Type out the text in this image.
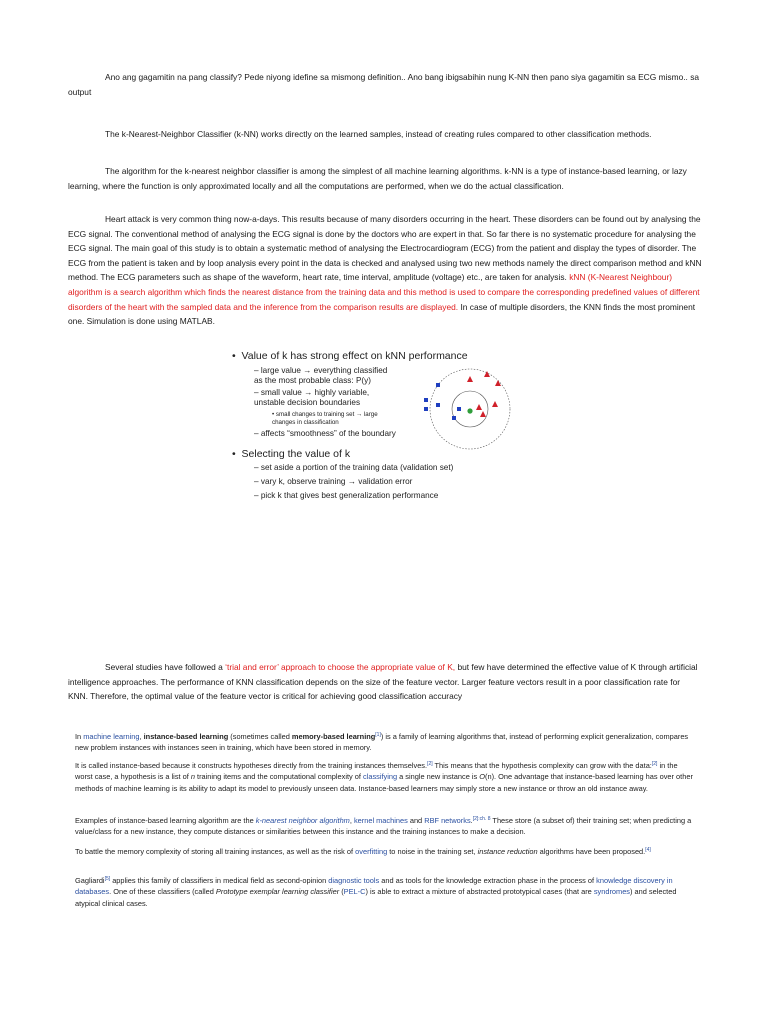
Ano ang gagamitin na pang classify? Pede niyong idefine sa mismong definition.. Ano bang ibigsabihin nung K-NN then pano siya gagamitin sa ECG mismo.. sa output

The k-Nearest-Neighbor Classifier (k-NN) works directly on the learned samples, instead of creating rules compared to other classification methods.

The algorithm for the k-nearest neighbor classifier is among the simplest of all machine learning algorithms. k-NN is a type of instance-based learning, or lazy learning, where the function is only approximated locally and all the computations are performed, when we do the actual classification.

Heart attack is very common thing now-a-days. This results because of many disorders occurring in the heart. These disorders can be found out by analysing the ECG signal. The conventional method of analysing the ECG signal is done by the doctors who are expert in that. So far there is no systematic procedure for analysing the ECG signal. The main goal of this study is to obtain a systematic method of analysing the Electrocardiogram (ECG) from the patient and display the types of disorder. The ECG from the patient is taken and by loop analysis every point in the data is checked and analysed using two new methods namely the direct comparison method and kNN method. The ECG parameters such as shape of the waveform, heart rate, time interval, amplitude (voltage) etc., are taken for analysis. kNN (K-Nearest Neighbour) algorithm is a search algorithm which finds the nearest distance from the training data and this method is used to compare the corresponding predefined values of different disorders of the heart with the sampled data and the inference from the comparison results are displayed. In case of multiple disorders, the KNN finds the most prominent one. Simulation is done using MATLAB.

•  Value of k has strong effect on kNN performance
– large value → everything classified as the most probable class: P(y)
– small value → highly variable, unstable decision boundaries
• small changes to training set → large changes in classification
– affects “smoothness” of the boundary
•  Selecting the value of k
– set aside a portion of the training data (validation set)
– vary k, observe training → validation error
– pick k that gives best generalization performance

Several studies have followed a ‘trial and error’ approach to choose the appropriate value of K, but few have determined the effective value of K through artificial intelligence approaches. The performance of KNN classification depends on the size of the feature vector. Larger feature vectors result in a poor classification rate for KNN. Therefore, the optimal value of the feature vector is critical for achieving good classification accuracy

In machine learning, instance-based learning (sometimes called memory-based learning[1]) is a family of learning algorithms that, instead of performing explicit generalization, compares new problem instances with instances seen in training, which have been stored in memory.

It is called instance-based because it constructs hypotheses directly from the training instances themselves.[2] This means that the hypothesis complexity can grow with the data:[2] in the worst case, a hypothesis is a list of n training items and the computational complexity of classifying a single new instance is O(n). One advantage that instance-based learning has over other methods of machine learning is its ability to adapt its model to previously unseen data. Instance-based learners may simply store a new instance or throw an old instance away.

Examples of instance-based learning algorithm are the k-nearest neighbor algorithm, kernel machines and RBF networks.$^{[2]:ch. 8}$ These store (a subset of) their training set; when predicting a value/class for a new instance, they compute distances or similarities between this instance and the training instances to make a decision.

To battle the memory complexity of storing all training instances, as well as the risk of overfitting to noise in the training set, instance reduction algorithms have been proposed.[4]

Gagliardi[5] applies this family of classifiers in medical field as second-opinion diagnostic tools and as tools for the knowledge extraction phase in the process of knowledge discovery in databases. One of these classifiers (called Prototype exemplar learning classifier (PEL-C) is able to extract a mixture of abstracted prototypical cases (that are syndromes) and selected atypical clinical cases.
